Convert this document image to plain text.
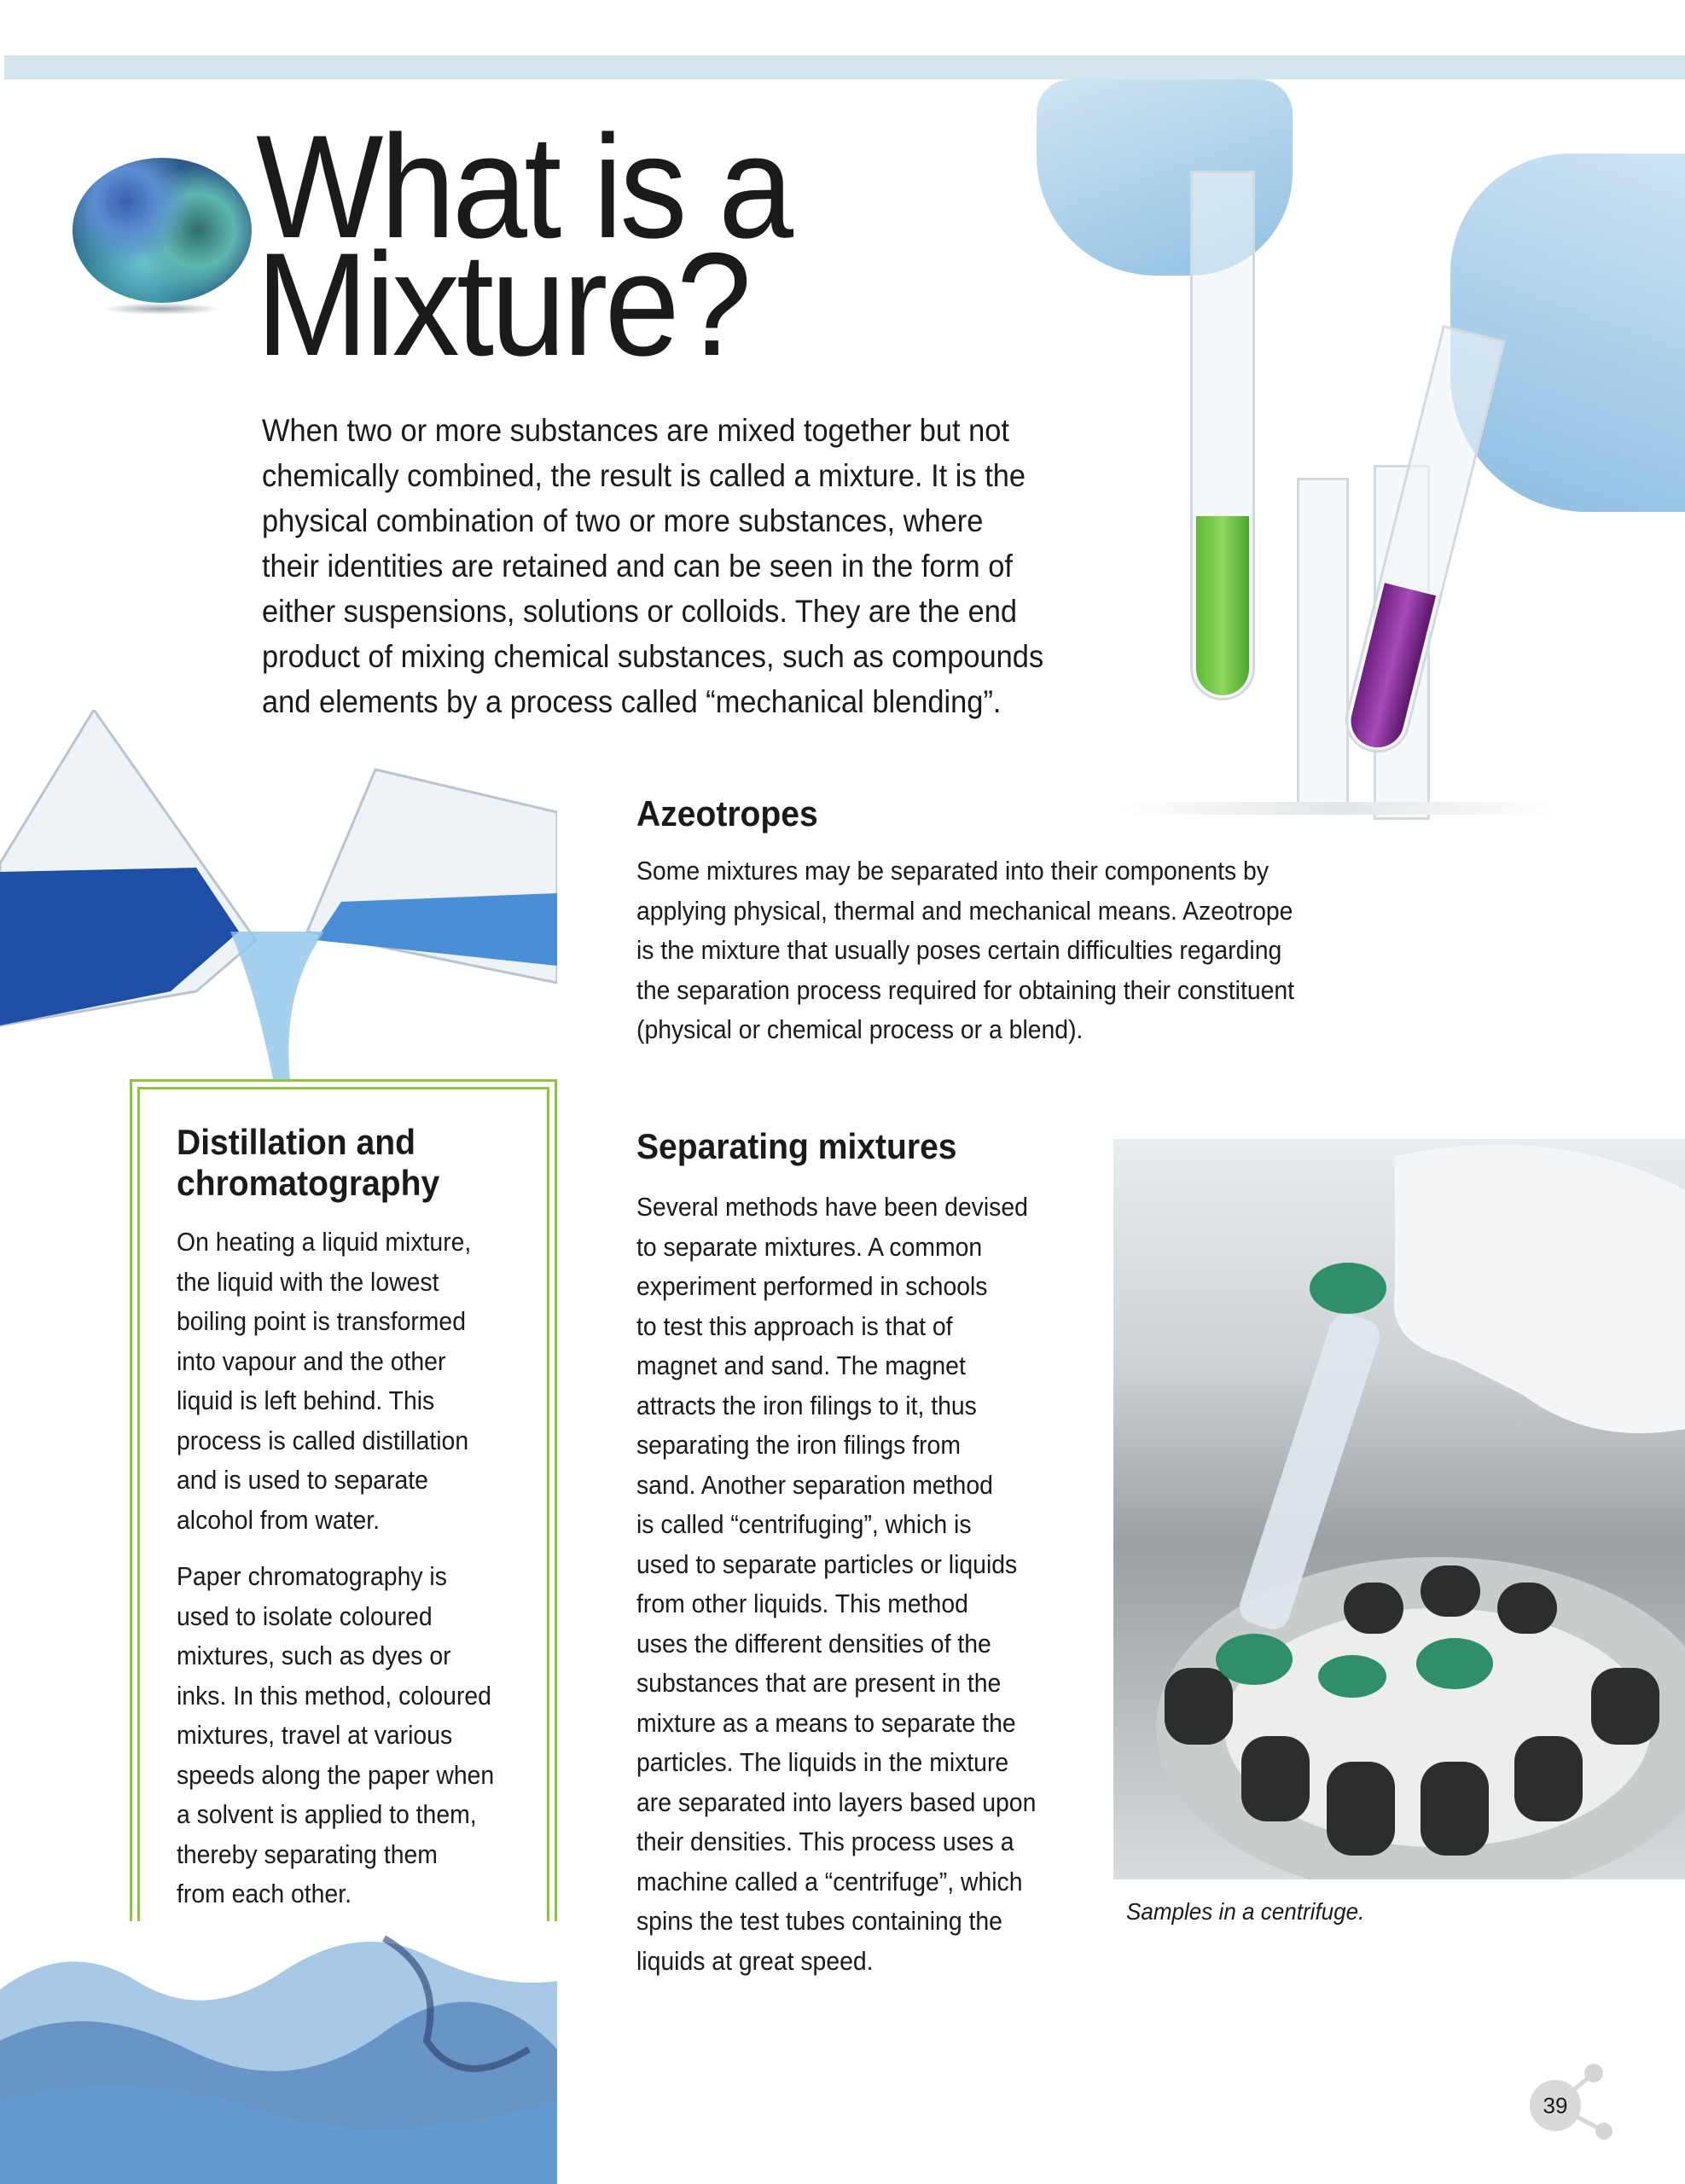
What is a
Mixture?
When two or more substances are mixed together but not
chemically combined, the result is called a mixture. It is the
physical combination of two or more substances, where
their identities are retained and can be seen in the form of
either suspensions, solutions or colloids. They are the end
product of mixing chemical substances, such as compounds
and elements by a process called “mechanical blending”.
Azeotropes
Some mixtures may be separated into their components by
applying physical, thermal and mechanical means. Azeotrope
is the mixture that usually poses certain difficulties regarding
the separation process required for obtaining their constituent
(physical or chemical process or a blend).
Distillation and
chromatography
On heating a liquid mixture,
the liquid with the lowest
boiling point is transformed
into vapour and the other
liquid is left behind. This
process is called distillation
and is used to separate
alcohol from water.
Paper chromatography is
used to isolate coloured
mixtures, such as dyes or
inks. In this method, coloured
mixtures, travel at various
speeds along the paper when
a solvent is applied to them,
thereby separating them
from each other.
Separating mixtures
Several methods have been devised
to separate mixtures. A common
experiment performed in schools
to test this approach is that of
magnet and sand. The magnet
attracts the iron filings to it, thus
separating the iron filings from
sand. Another separation method
is called “centrifuging”, which is
used to separate particles or liquids
from other liquids. This method
uses the different densities of the
substances that are present in the
mixture as a means to separate the
particles. The liquids in the mixture
are separated into layers based upon
their densities. This process uses a
machine called a “centrifuge”, which
spins the test tubes containing the
liquids at great speed.
Samples in a centrifuge.
39
